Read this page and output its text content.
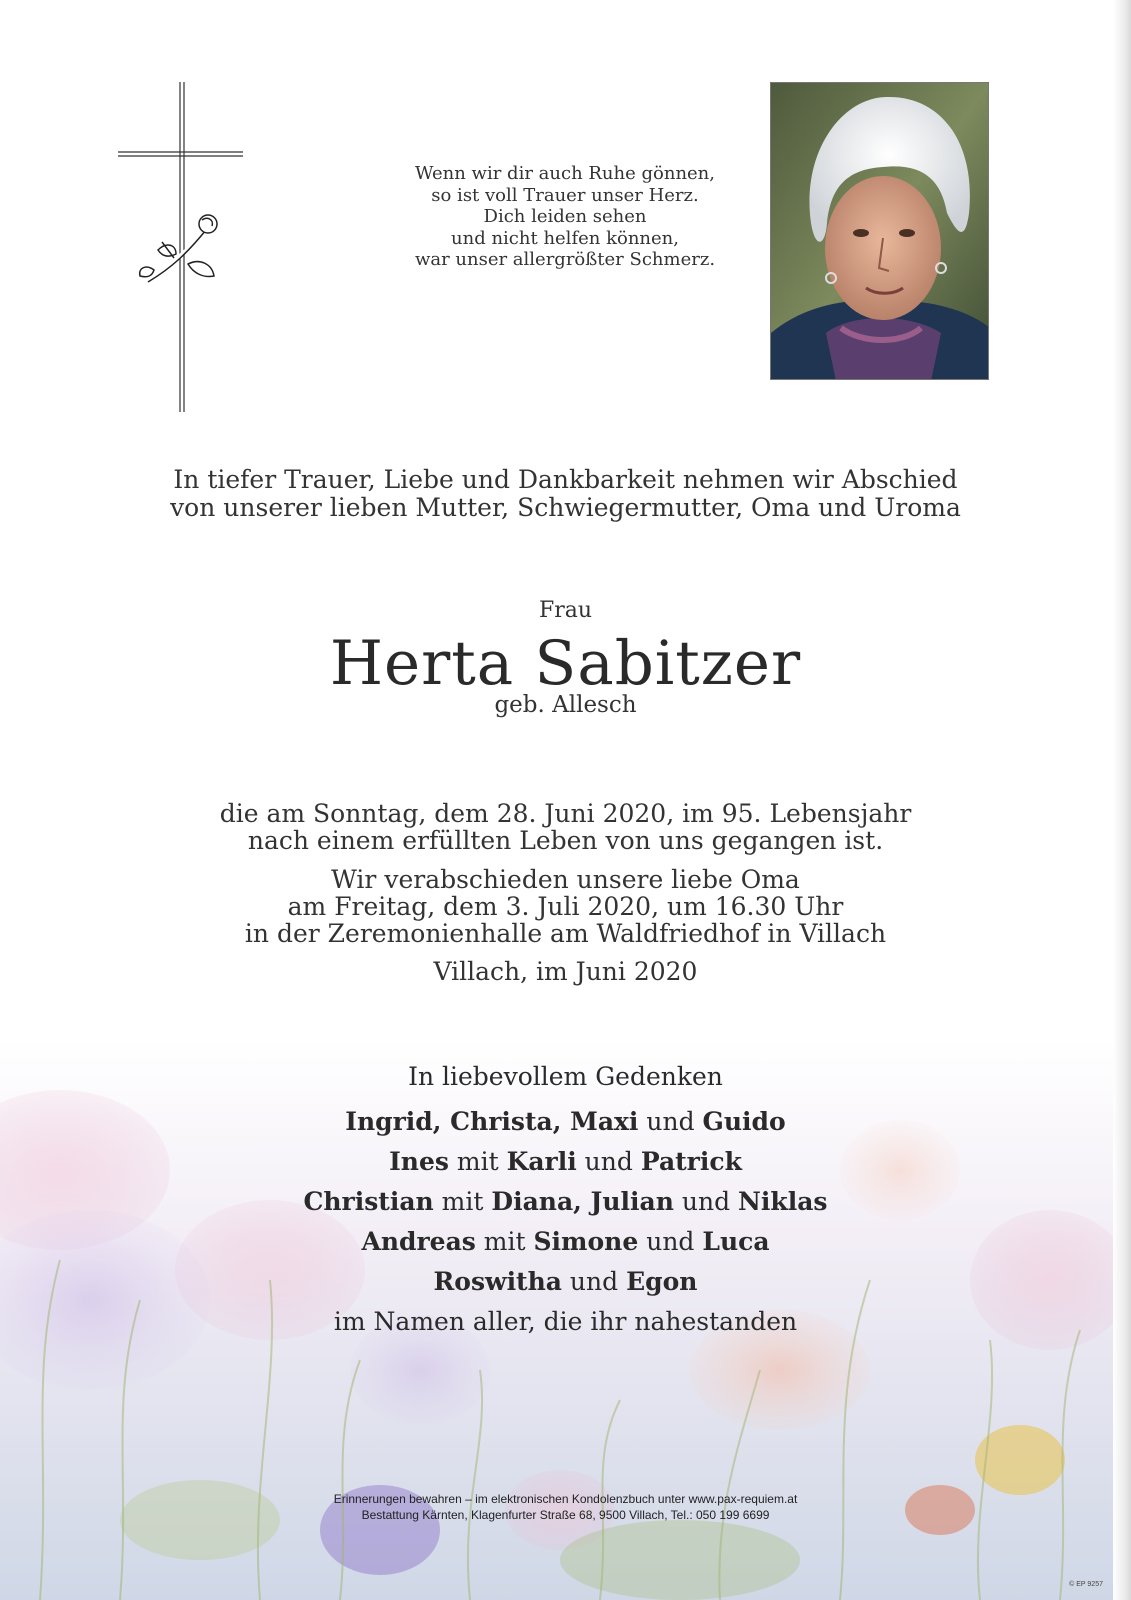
Wenn wir dir auch Ruhe gönnen,
so ist voll Trauer unser Herz.
Dich leiden sehen
und nicht helfen können,
war unser allergrößter Schmerz.
In tiefer Trauer, Liebe und Dankbarkeit nehmen wir Abschied
von unserer lieben Mutter, Schwiegermutter, Oma und Uroma
Frau
Herta Sabitzer
geb. Allesch
die am Sonntag, dem 28. Juni 2020, im 95. Lebensjahr
nach einem erfüllten Leben von uns gegangen ist.
Wir verabschieden unsere liebe Oma
am Freitag, dem 3. Juli 2020, um 16.30 Uhr
in der Zeremonienhalle am Waldfriedhof in Villach
Villach, im Juni 2020
In liebevollem Gedenken
Ingrid, Christa, Maxi und Guido
Ines mit Karli und Patrick
Christian mit Diana, Julian und Niklas
Andreas mit Simone und Luca
Roswitha und Egon
im Namen aller, die ihr nahestanden
Erinnerungen bewahren – im elektronischen Kondolenzbuch unter www.pax-requiem.at
Bestattung Kärnten, Klagenfurter Straße 68, 9500 Villach, Tel.: 050 199 6699
© EP 9257
